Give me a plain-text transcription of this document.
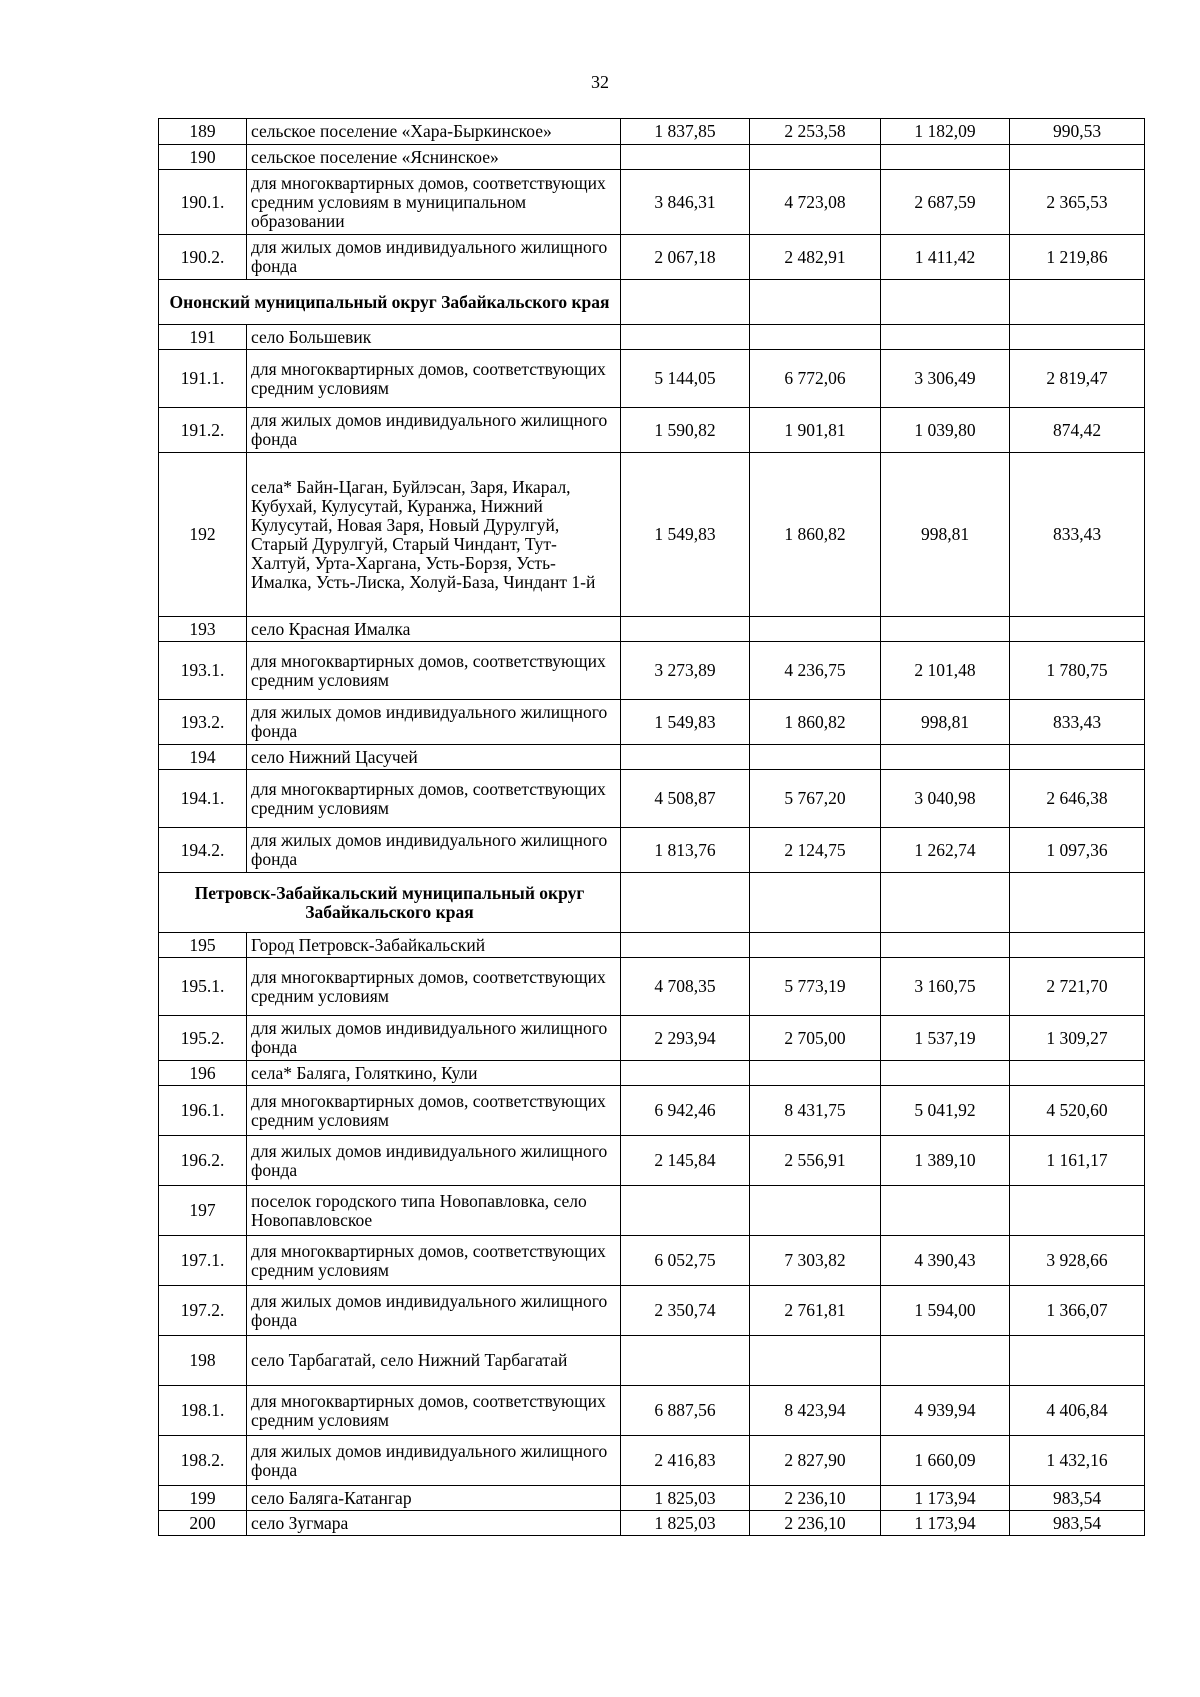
32
189	сельское поселение «Хара-Быркинское»	1 837,85	2 253,58	1 182,09	990,53
190	сельское поселение «Яснинское»				
190.1.	для многоквартирных домов, соответствующих средним условиям в муниципальном образовании	3 846,31	4 723,08	2 687,59	2 365,53
190.2.	для жилых домов индивидуального жилищного фонда	2 067,18	2 482,91	1 411,42	1 219,86
Ононский муниципальный округ Забайкальского края					
191	село Большевик				
191.1.	для многоквартирных домов, соответствующих средним условиям	5 144,05	6 772,06	3 306,49	2 819,47
191.2.	для жилых домов индивидуального жилищного фонда	1 590,82	1 901,81	1 039,80	874,42
192	села* Байн-Цаган, Буйлэсан, Заря, Икарал, Кубухай, Кулусутай, Куранжа, Нижний Кулусутай, Новая Заря, Новый Дурулгуй, Старый Дурулгуй, Старый Чиндант, Тут-Халтуй, Урта-Харгана, Усть-Борзя, Усть-Ималка, Усть-Лиска, Холуй-База, Чиндант 1-й	1 549,83	1 860,82	998,81	833,43
193	село Красная Ималка				
193.1.	для многоквартирных домов, соответствующих средним условиям	3 273,89	4 236,75	2 101,48	1 780,75
193.2.	для жилых домов индивидуального жилищного фонда	1 549,83	1 860,82	998,81	833,43
194	село Нижний Цасучей				
194.1.	для многоквартирных домов, соответствующих средним условиям	4 508,87	5 767,20	3 040,98	2 646,38
194.2.	для жилых домов индивидуального жилищного фонда	1 813,76	2 124,75	1 262,74	1 097,36
Петровск-Забайкальский муниципальный округ Забайкальского края					
195	Город Петровск-Забайкальский				
195.1.	для многоквартирных домов, соответствующих средним условиям	4 708,35	5 773,19	3 160,75	2 721,70
195.2.	для жилых домов индивидуального жилищного фонда	2 293,94	2 705,00	1 537,19	1 309,27
196	села* Баляга, Голяткино, Кули				
196.1.	для многоквартирных домов, соответствующих средним условиям	6 942,46	8 431,75	5 041,92	4 520,60
196.2.	для жилых домов индивидуального жилищного фонда	2 145,84	2 556,91	1 389,10	1 161,17
197	поселок городского типа Новопавловка, село Новопавловское				
197.1.	для многоквартирных домов, соответствующих средним условиям	6 052,75	7 303,82	4 390,43	3 928,66
197.2.	для жилых домов индивидуального жилищного фонда	2 350,74	2 761,81	1 594,00	1 366,07
198	село Тарбагатай, село Нижний Тарбагатай				
198.1.	для многоквартирных домов, соответствующих средним условиям	6 887,56	8 423,94	4 939,94	4 406,84
198.2.	для жилых домов индивидуального жилищного фонда	2 416,83	2 827,90	1 660,09	1 432,16
199	село Баляга-Катангар	1 825,03	2 236,10	1 173,94	983,54
200	село Зугмара	1 825,03	2 236,10	1 173,94	983,54
